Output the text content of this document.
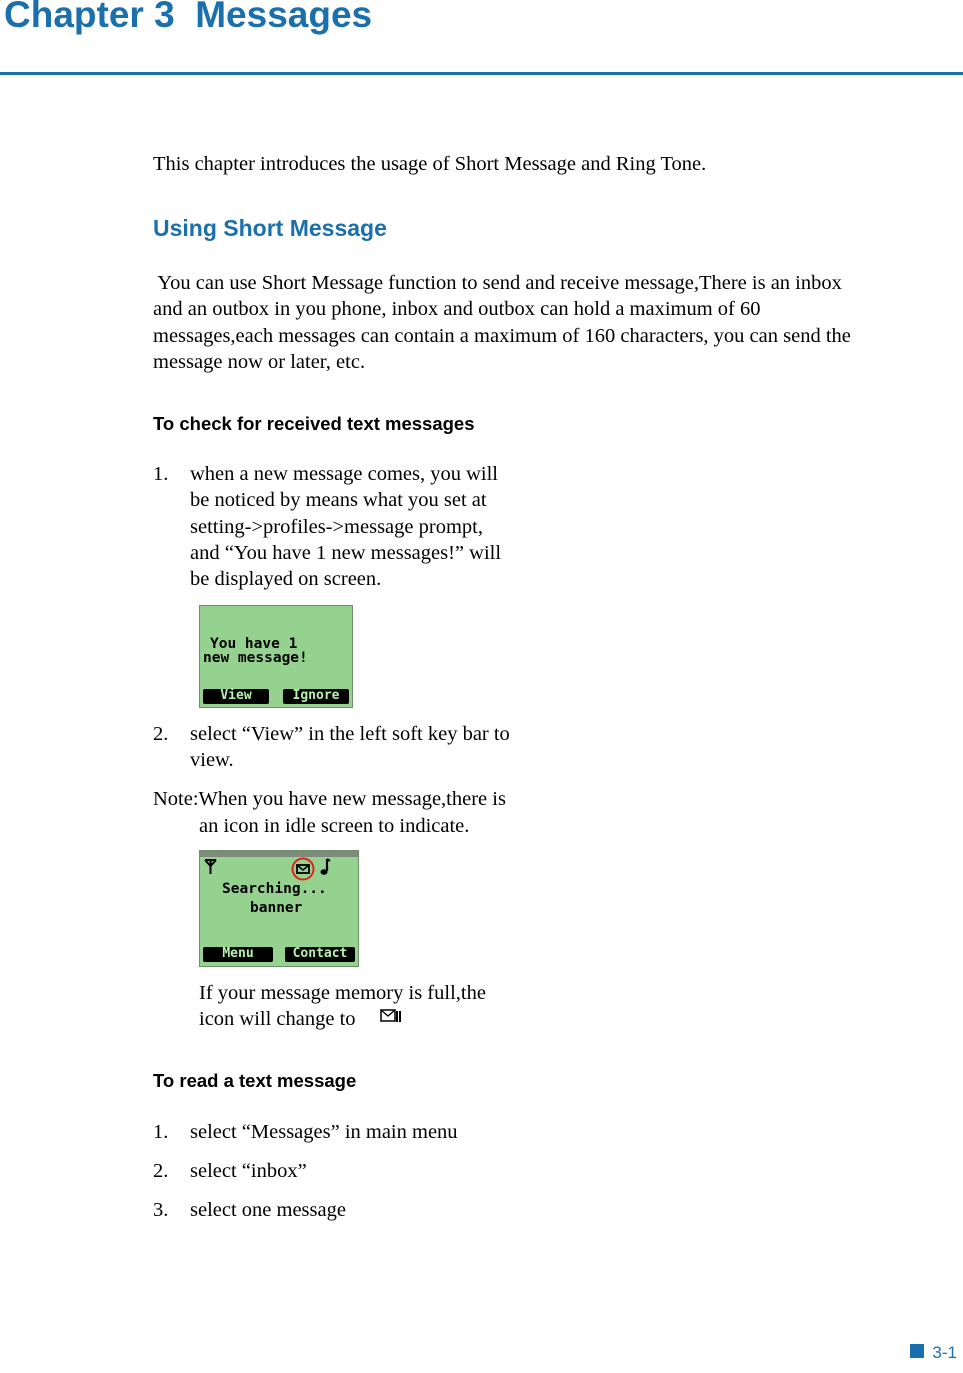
Chapter 3  Messages
This chapter introduces the usage of Short Message and Ring Tone.
Using Short Message
You can use Short Message function to send and receive message,There is an inbox
and an outbox in you phone, inbox and outbox can hold a maximum of 60
messages,each messages can contain a maximum of 160 characters, you can send the
message now or later, etc.
To check for received text messages
1. when a new message comes, you will
be noticed by means what you set at
setting->profiles->message prompt,
and “You have 1 new messages!” will
be displayed on screen.
You have 1
new message!
View	Ignore
2. select “View” in the left soft key bar to
view.
Note:When you have new message,there is
an icon in idle screen to indicate.
Searching...
banner
Menu	Contact
If your message memory is full,the
icon will change to
To read a text message
1. select “Messages” in main menu
2. select “inbox”
3. select one message
3-1
